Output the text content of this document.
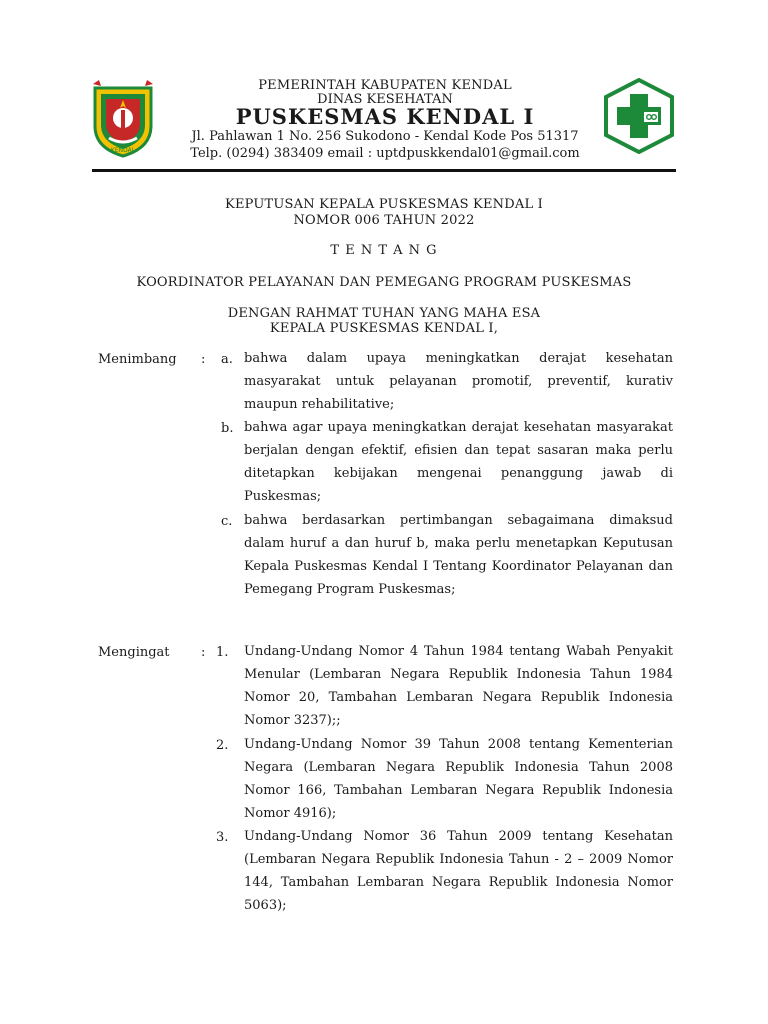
KENDAL
PEMERINTAH KABUPATEN KENDAL
DINAS KESEHATAN
PUSKESMAS KENDAL I
Jl. Pahlawan 1 No. 256 Sukodono - Kendal Kode Pos 51317
Telp. (0294) 383409 email : uptdpuskkendal01@gmail.com
KEPUTUSAN KEPALA PUSKESMAS KENDAL I
NOMOR 006 TAHUN 2022
T E N T A N G
KOORDINATOR PELAYANAN DAN PEMEGANG PROGRAM PUSKESMAS
DENGAN RAHMAT TUHAN YANG MAHA ESA
KEPALA PUSKESMAS KENDAL I,
Menimbang : a. bahwa dalam upaya meningkatkan derajat kesehatan masyarakat untuk pelayanan promotif, preventif, kurativ maupun rehabilitative;

b. bahwa agar upaya meningkatkan derajat kesehatan masyarakat berjalan dengan efektif, efisien dan tepat sasaran maka perlu ditetapkan kebijakan mengenai penanggung jawab di Puskesmas;

c. bahwa berdasarkan pertimbangan sebagaimana dimaksud dalam huruf a dan huruf b, maka perlu menetapkan Keputusan Kepala Puskesmas Kendal I Tentang Koordinator Pelayanan dan Pemegang Program Puskesmas;

Mengingat : 1. Undang-Undang Nomor 4 Tahun 1984 tentang Wabah Penyakit Menular (Lembaran Negara Republik Indonesia Tahun 1984 Nomor 20, Tambahan Lembaran Negara Republik Indonesia Nomor 3237);;

2. Undang-Undang Nomor 39 Tahun 2008 tentang Kementerian Negara (Lembaran Negara Republik Indonesia Tahun 2008 Nomor 166, Tambahan Lembaran Negara Republik Indonesia Nomor 4916);

3. Undang-Undang Nomor 36 Tahun 2009 tentang Kesehatan (Lembaran Negara Republik Indonesia Tahun - 2 – 2009 Nomor 144, Tambahan Lembaran Negara Republik Indonesia Nomor 5063);
